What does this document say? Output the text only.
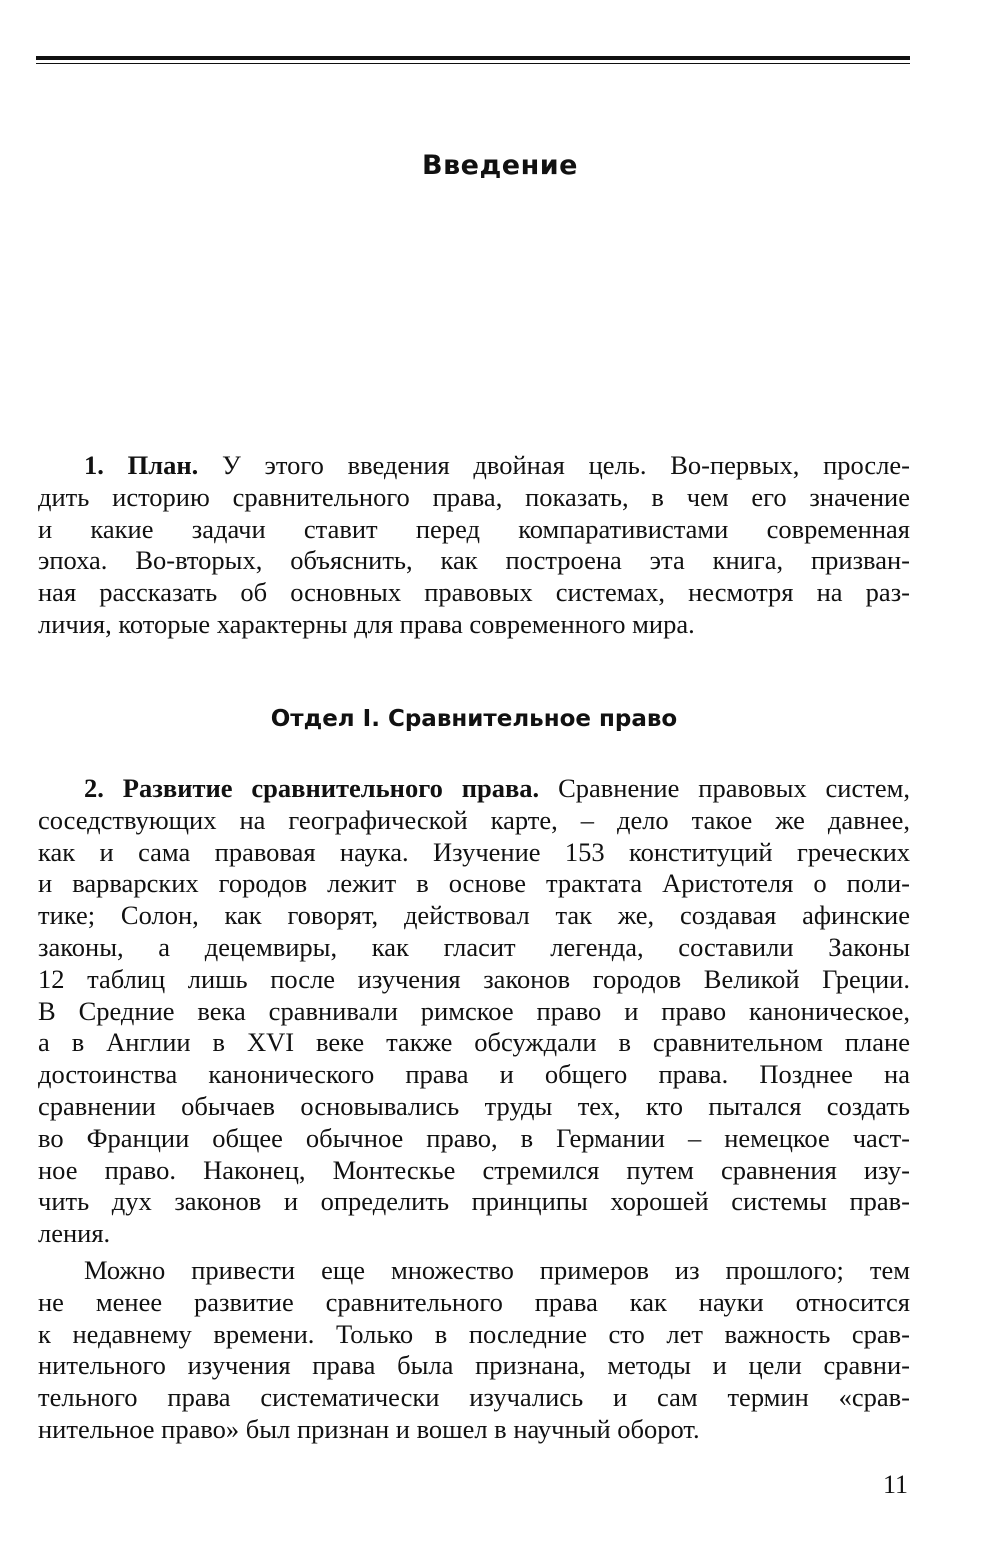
Введение
1. План. У этого введения двойная цель. Во-первых, просле-
дить историю сравнительного права, показать, в чем его значение
и какие задачи ставит перед компаративистами современная
эпоха. Во-вторых, объяснить, как построена эта книга, призван-
ная рассказать об основных правовых системах, несмотря на раз-
личия, которые характерны для права современного мира.
Отдел I. Сравнительное право
2. Развитие сравнительного права. Сравнение правовых систем,
соседствующих на географической карте, – дело такое же давнее,
как и сама правовая наука. Изучение 153 конституций греческих
и варварских городов лежит в основе трактата Аристотеля о поли-
тике; Солон, как говорят, действовал так же, создавая афинские
законы, а децемвиры, как гласит легенда, составили Законы
12 таблиц лишь после изучения законов городов Великой Греции.
В Средние века сравнивали римское право и право каноническое,
а в Англии в XVI веке также обсуждали в сравнительном плане
достоинства канонического права и общего права. Позднее на
сравнении обычаев основывались труды тех, кто пытался создать
во Франции общее обычное право, в Германии – немецкое част-
ное право. Наконец, Монтескье стремился путем сравнения изу-
чить дух законов и определить принципы хорошей системы прав-
ления.
Можно привести еще множество примеров из прошлого; тем
не менее развитие сравнительного права как науки относится
к недавнему времени. Только в последние сто лет важность срав-
нительного изучения права была признана, методы и цели сравни-
тельного права систематически изучались и сам термин «срав-
нительное право» был признан и вошел в научный оборот.
11
